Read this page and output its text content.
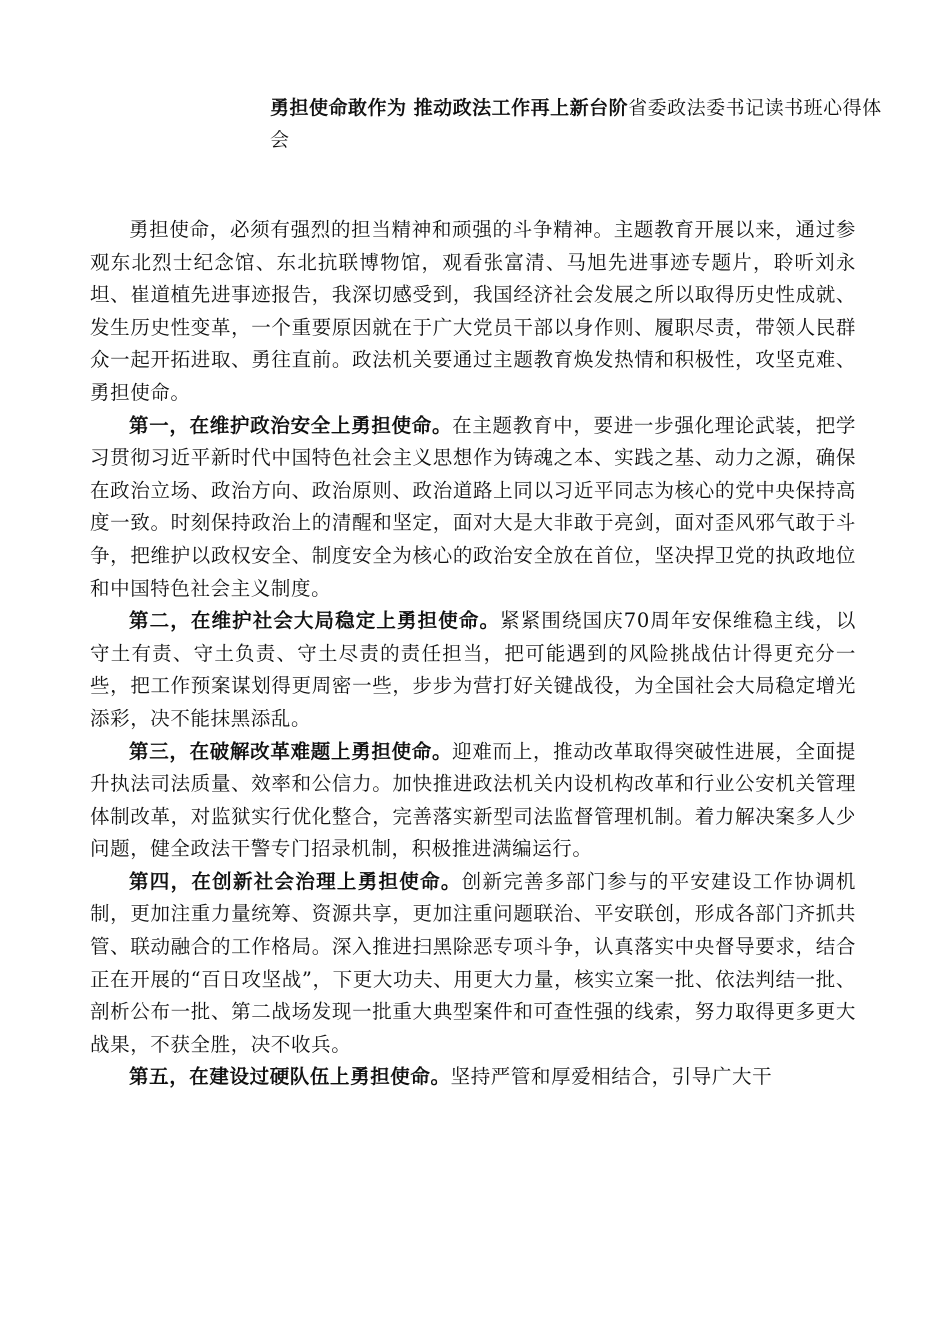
勇担使命敢作为 推动政法工作再上新台阶省委政法委书记读书班心得体会

勇担使命，必须有强烈的担当精神和顽强的斗争精神。主题教育开展以来，通过参观东北烈士纪念馆、东北抗联博物馆，观看张富清、马旭先进事迹专题片，聆听刘永坦、崔道植先进事迹报告，我深切感受到，我国经济社会发展之所以取得历史性成就、发生历史性变革，一个重要原因就在于广大党员干部以身作则、履职尽责，带领人民群众一起开拓进取、勇往直前。政法机关要通过主题教育焕发热情和积极性，攻坚克难、勇担使命。

第一，在维护政治安全上勇担使命。在主题教育中，要进一步强化理论武装，把学习贯彻习近平新时代中国特色社会主义思想作为铸魂之本、实践之基、动力之源，确保在政治立场、政治方向、政治原则、政治道路上同以习近平同志为核心的党中央保持高度一致。时刻保持政治上的清醒和坚定，面对大是大非敢于亮剑，面对歪风邪气敢于斗争，把维护以政权安全、制度安全为核心的政治安全放在首位，坚决捍卫党的执政地位和中国特色社会主义制度。

第二，在维护社会大局稳定上勇担使命。紧紧围绕国庆70周年安保维稳主线，以守土有责、守土负责、守土尽责的责任担当，把可能遇到的风险挑战估计得更充分一些，把工作预案谋划得更周密一些，步步为营打好关键战役，为全国社会大局稳定增光添彩，决不能抹黑添乱。

第三，在破解改革难题上勇担使命。迎难而上，推动改革取得突破性进展，全面提升执法司法质量、效率和公信力。加快推进政法机关内设机构改革和行业公安机关管理体制改革，对监狱实行优化整合，完善落实新型司法监督管理机制。着力解决案多人少问题，健全政法干警专门招录机制，积极推进满编运行。

第四，在创新社会治理上勇担使命。创新完善多部门参与的平安建设工作协调机制，更加注重力量统筹、资源共享，更加注重问题联治、平安联创，形成各部门齐抓共管、联动融合的工作格局。深入推进扫黑除恶专项斗争，认真落实中央督导要求，结合正在开展的“百日攻坚战”，下更大功夫、用更大力量，核实立案一批、依法判结一批、剖析公布一批、第二战场发现一批重大典型案件和可查性强的线索，努力取得更多更大战果，不获全胜，决不收兵。

第五，在建设过硬队伍上勇担使命。坚持严管和厚爱相结合，引导广大干
